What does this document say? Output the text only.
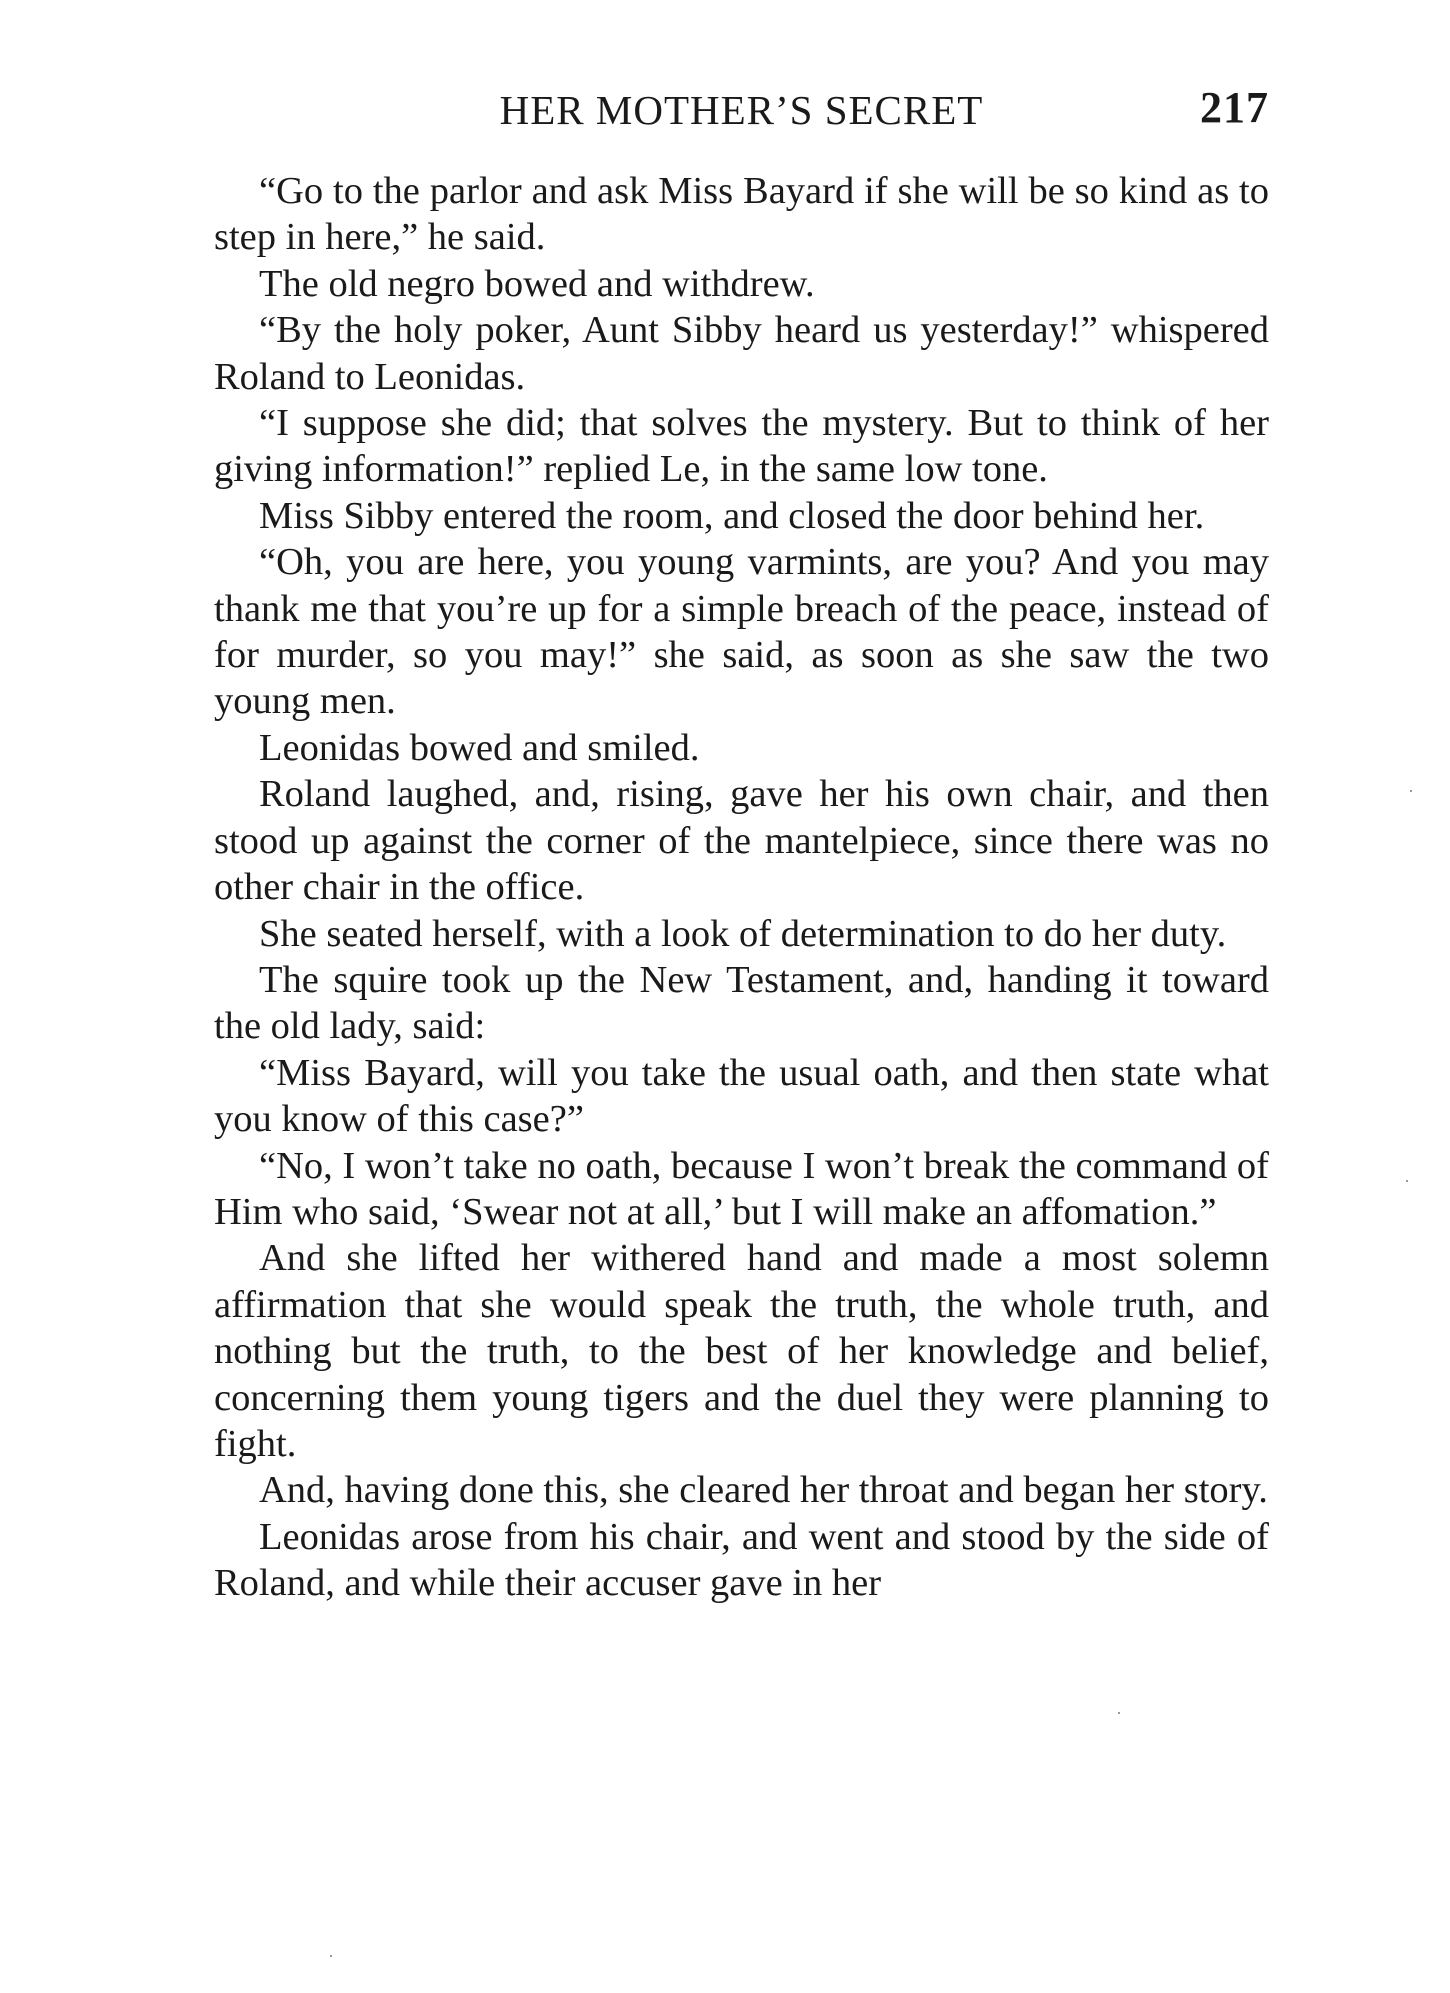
HER MOTHER’S SECRET	217

“Go to the parlor and ask Miss Bayard if she will be so kind as to step in here,” he said.

The old negro bowed and withdrew.

“By the holy poker, Aunt Sibby heard us yesterday!” whispered Roland to Leonidas.

“I suppose she did; that solves the mystery. But to think of her giving information!” replied Le, in the same low tone.

Miss Sibby entered the room, and closed the door behind her.

“Oh, you are here, you young varmints, are you? And you may thank me that you’re up for a simple breach of the peace, instead of for murder, so you may!” she said, as soon as she saw the two young men.

Leonidas bowed and smiled.

Roland laughed, and, rising, gave her his own chair, and then stood up against the corner of the mantelpiece, since there was no other chair in the office.

She seated herself, with a look of determination to do her duty.

The squire took up the New Testament, and, handing it toward the old lady, said:

“Miss Bayard, will you take the usual oath, and then state what you know of this case?”

“No, I won’t take no oath, because I won’t break the command of Him who said, ‘Swear not at all,’ but I will make an affomation.”

And she lifted her withered hand and made a most solemn affirmation that she would speak the truth, the whole truth, and nothing but the truth, to the best of her knowledge and belief, concerning them young tigers and the duel they were planning to fight.

And, having done this, she cleared her throat and began her story.

Leonidas arose from his chair, and went and stood by the side of Roland, and while their accuser gave in her
